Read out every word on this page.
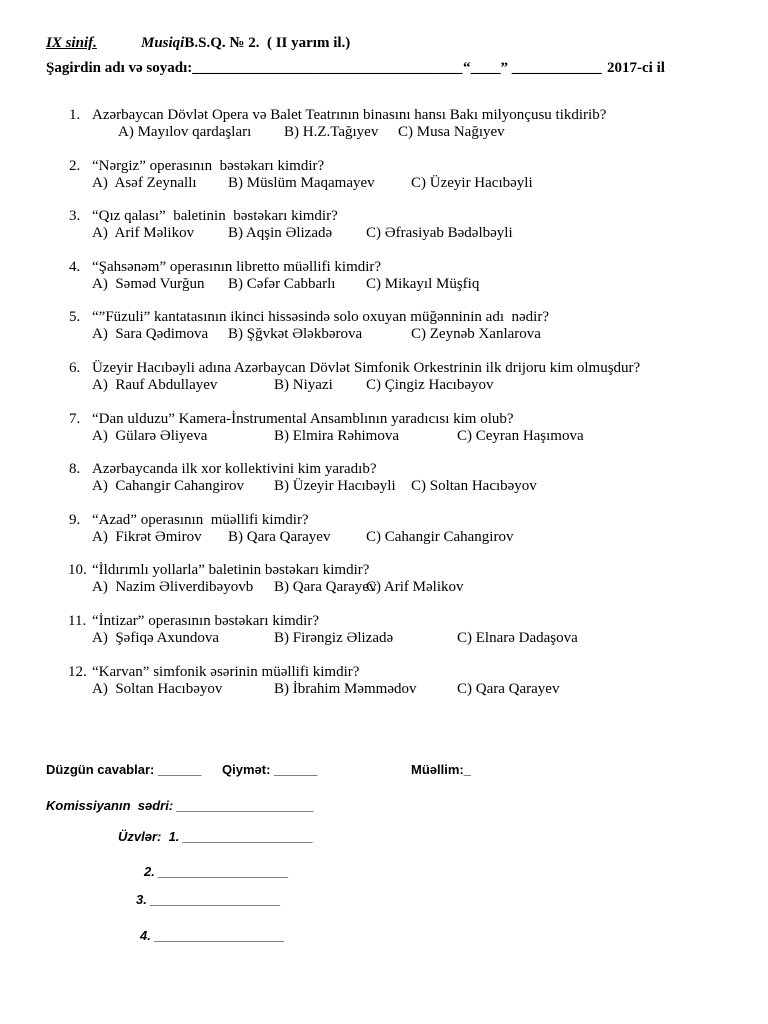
IX sinif.	MusiqiB.S.Q. № 2. ( II yarım il.)
Şagirdin adı və soyadı:____________________________________ “____” ____________ 2017-ci il
1. Azərbaycan Dövlət Opera və Balet Teatrının binasını hansı Bakı milyonçusu tikdirib?
A) Mayılov qardaşları B) H.Z.Tağıyev C) Musa Nağıyev
2. “Nərgiz” operasının  bəstəkarı kimdir?
A)  Asəf Zeynallı B) Müslüm Maqamayev C) Üzeyir Hacıbəyli
3. “Qız qalası”  baletinin  bəstəkarı kimdir?
A)  Arif Məlikov B) Aqşin Əlizadə C) Əfrasiyab Bədəlbəyli
4. “Şahsənəm” operasının libretto müəllifi kimdir?
A)  Səməd Vurğun B) Cəfər Cabbarlı C) Mikayıl Müşfiq
5. “”Füzuli” kantatasının ikinci hissəsində solo oxuyan müğənninin adı  nədir?
A)  Sara Qədimova B) Şğvkət Ələkbərova	C) Zeynəb Xanlarova
6. Üzeyir Hacıbəyli adına Azərbaycan Dövlət Simfonik Orkestrinin ilk drijoru kim olmuşdur?
A)  Rauf Abdullayev	B) Niyazi C) Çingiz Hacıbəyov
7. “Dan ulduzu” Kamera-İnstrumental Ansamblının yaradıcısı kim olub?
A)  Gülarə Əliyeva	B) Elmira Rəhimova	C) Ceyran Haşımova
8. Azərbaycanda ilk xor kollektivini kim yaradıb?
A)  Cahangir Cahangirov B) Üzeyir Hacıbəyli C) Soltan Hacıbəyov
9. “Azad” operasının  müəllifi kimdir?
A)  Fikrət Əmirov B) Qara Qarayev C) Cahangir Cahangirov
10. “İldırımlı yollarla” baletinin bəstəkarı kimdir?
A)  Nazim Əliverdibəyovb B) Qara Qarayev
C) Arif Məlikov
11. “İntizar” operasının bəstəkarı kimdir?
A)  Şəfiqə Axundova	B) Firəngiz Əlizadə	C) Elnarə Dadaşova
12. “Karvan” simfonik əsərinin müəllifi kimdir?
A)  Soltan Hacıbəyov	B) İbrahim Məmmədov	C) Qara Qarayev
Düzgün cavablar: ______ Qiymət: ______	Müəllim:_
Komissiyanın  sədri: ___________________
Üzvlər:  1. __________________
2. __________________
3. __________________
4. __________________
